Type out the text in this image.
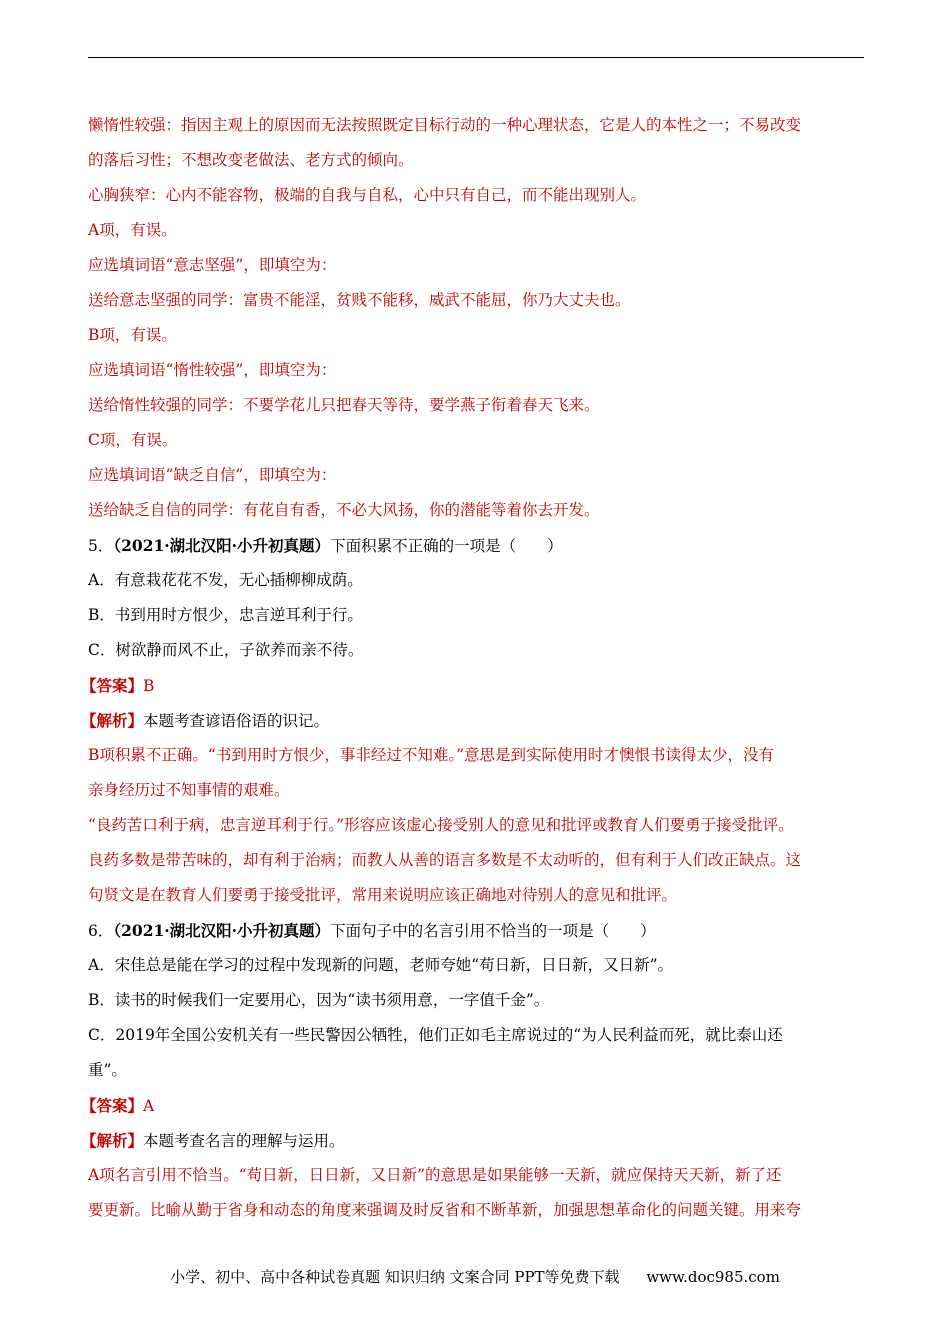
懒惰性较强：指因主观上的原因而无法按照既定目标行动的一种心理状态，它是人的本性之一；不易改变
的落后习性；不想改变老做法、老方式的倾向。
心胸狭窄：心内不能容物，极端的自我与自私，心中只有自己，而不能出现别人。
A项，有误。
应选填词语“意志坚强”，即填空为：
送给意志坚强的同学：富贵不能淫，贫贱不能移，威武不能屈，你乃大丈夫也。
B项，有误。
应选填词语“惰性较强”，即填空为：
送给惰性较强的同学：不要学花儿只把春天等待，要学燕子衔着春天飞来。
C项，有误。
应选填词语“缺乏自信”，即填空为：
送给缺乏自信的同学：有花自有香，不必大风扬，你的潜能等着你去开发。
5．（2021·湖北汉阳·小升初真题）下面积累不正确的一项是（　　）
A．有意栽花花不发，无心插柳柳成荫。
B．书到用时方恨少，忠言逆耳利于行。
C．树欲静而风不止，子欲养而亲不待。
【答案】B
【解析】本题考查谚语俗语的识记。
B项积累不正确。“书到用时方恨少，事非经过不知难。”意思是到实际使用时才懊恨书读得太少，没有
亲身经历过不知事情的艰难。
“良药苦口利于病，忠言逆耳利于行。”形容应该虚心接受别人的意见和批评或教育人们要勇于接受批评。
良药多数是带苦味的，却有利于治病；而教人从善的语言多数是不太动听的，但有利于人们改正缺点。这
句贤文是在教育人们要勇于接受批评，常用来说明应该正确地对待别人的意见和批评。
6．（2021·湖北汉阳·小升初真题）下面句子中的名言引用不恰当的一项是（　　）
A．宋佳总是能在学习的过程中发现新的问题，老师夸她“苟日新，日日新，又日新”。
B．读书的时候我们一定要用心，因为“读书须用意，一字值千金”。
C．2019年全国公安机关有一些民警因公牺牲，他们正如毛主席说过的“为人民利益而死，就比泰山还
重”。
【答案】A
【解析】本题考查名言的理解与运用。
A项名言引用不恰当。“苟日新，日日新，又日新”的意思是如果能够一天新，就应保持天天新，新了还
要更新。比喻从勤于省身和动态的角度来强调及时反省和不断革新，加强思想革命化的问题关键。用来夸
小学、初中、高中各种试卷真题 知识归纳 文案合同 PPT等免费下载 www.doc985.com
